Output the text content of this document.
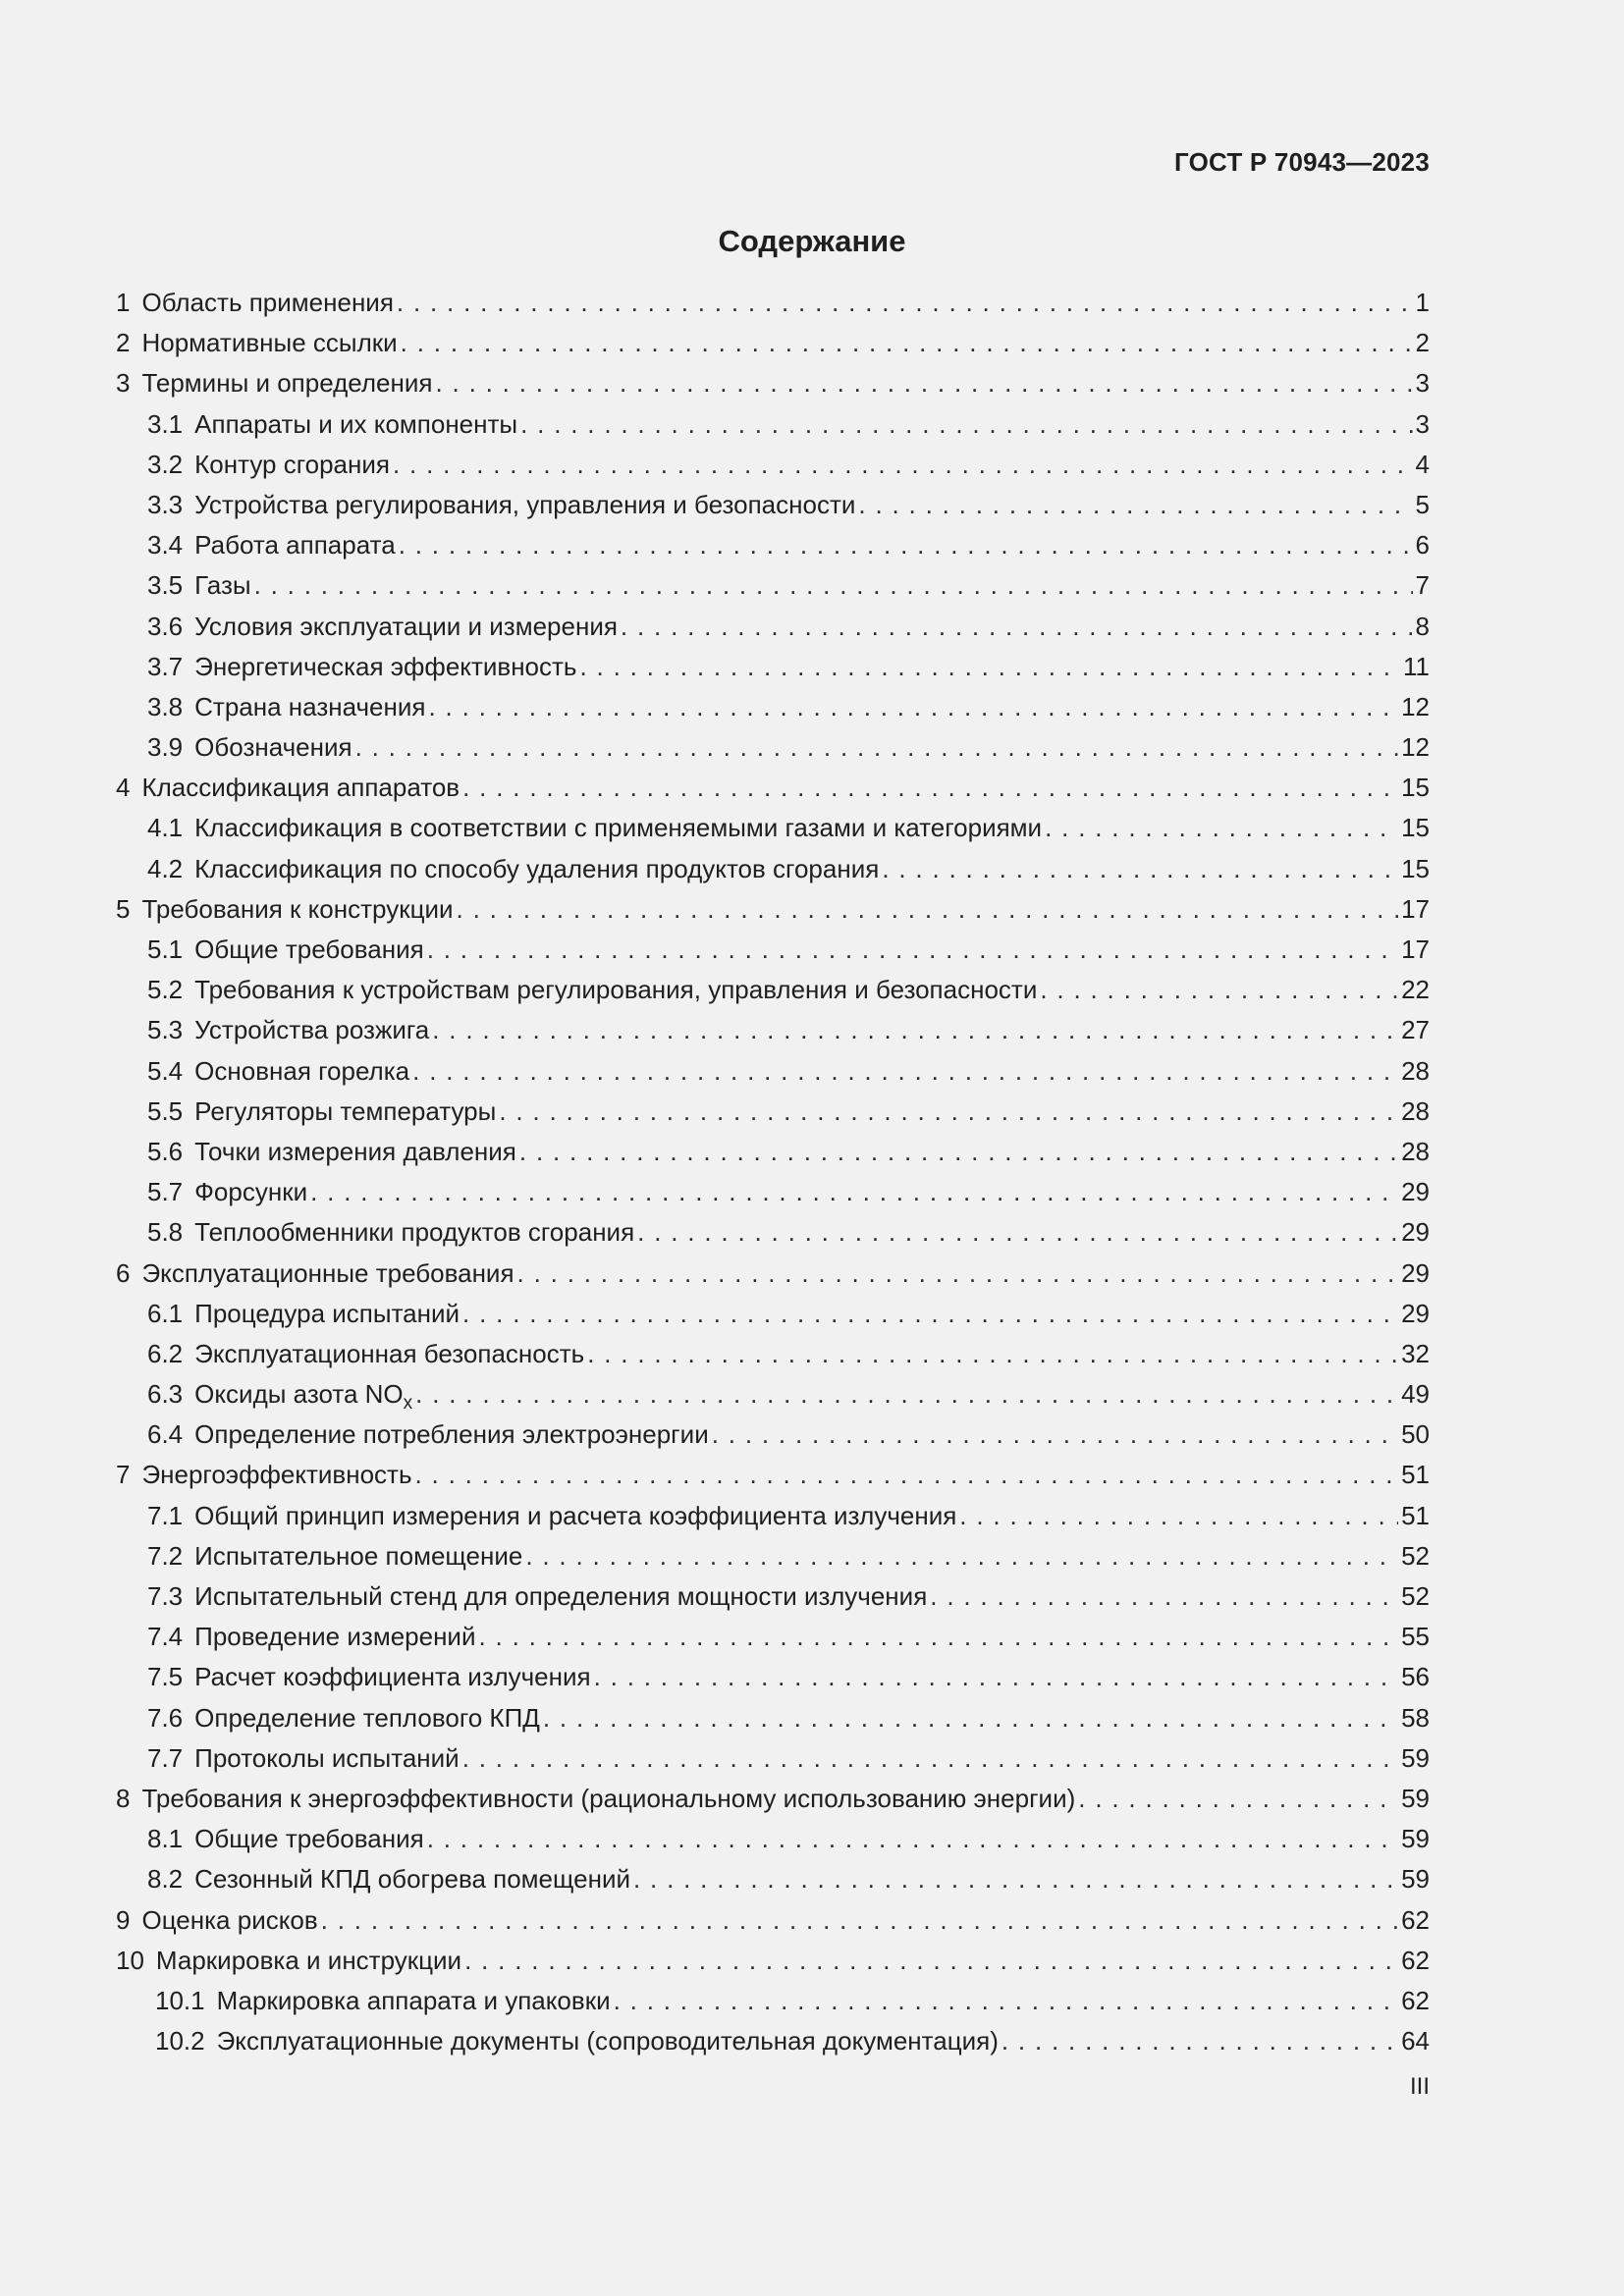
ГОСТ Р 70943—2023
Содержание
1 Область применения . . .	1
2 Нормативные ссылки . . .	2
3 Термины и определения . . .	3
3.1 Аппараты и их компоненты . . .	3
3.2 Контур сгорания . . .	4
3.3 Устройства регулирования, управления и безопасности . . .	5
3.4 Работа аппарата . . .	6
3.5 Газы . . .	7
3.6 Условия эксплуатации и измерения . . .	8
3.7 Энергетическая эффективность . . .	11
3.8 Страна назначения . . .	12
3.9 Обозначения . . .	12
4 Классификация аппаратов . . .	15
4.1 Классификация в соответствии с применяемыми газами и категориями . . .	15
4.2 Классификация по способу удаления продуктов сгорания . . .	15
5 Требования к конструкции . . .	17
5.1 Общие требования . . .	17
5.2 Требования к устройствам регулирования, управления и безопасности . . .	22
5.3 Устройства розжига . . .	27
5.4 Основная горелка . . .	28
5.5 Регуляторы температуры . . .	28
5.6 Точки измерения давления . . .	28
5.7 Форсунки . . .	29
5.8 Теплообменники продуктов сгорания . . .	29
6 Эксплуатационные требования . . .	29
6.1 Процедура испытаний . . .	29
6.2 Эксплуатационная безопасность . . .	32
6.3 Оксиды азота $NO_x$ . . .	49
6.4 Определение потребления электроэнергии . . .	50
7 Энергоэффективность . . .	51
7.1 Общий принцип измерения и расчета коэффициента излучения . . .	51
7.2 Испытательное помещение . . .	52
7.3 Испытательный стенд для определения мощности излучения . . .	52
7.4 Проведение измерений . . .	55
7.5 Расчет коэффициента излучения . . .	56
7.6 Определение теплового КПД . . .	58
7.7 Протоколы испытаний . . .	59
8 Требования к энергоэффективности (рациональному использованию энергии) . . .	59
8.1 Общие требования . . .	59
8.2 Сезонный КПД обогрева помещений . . .	59
9 Оценка рисков . . .	62
10 Маркировка и инструкции . . .	62
10.1 Маркировка аппарата и упаковки . . .	62
10.2 Эксплуатационные документы (сопроводительная документация) . . .	64
III
